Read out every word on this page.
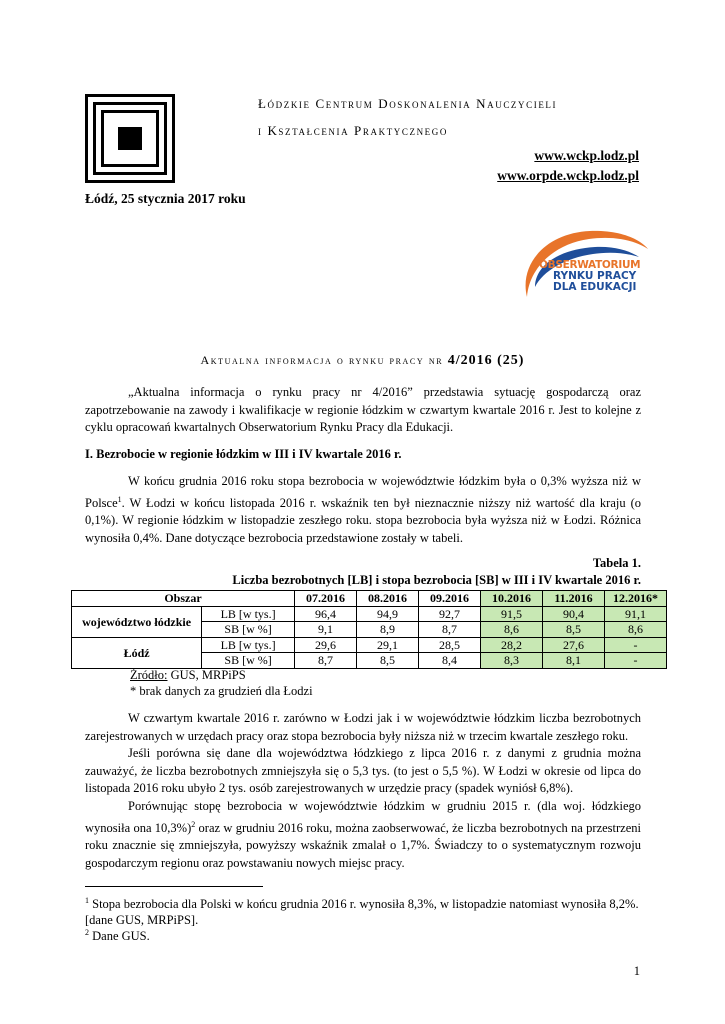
Łódzkie Centrum Doskonalenia Nauczycieli
i Kształcenia Praktycznego
www.wckp.lodz.pl
www.orpde.wckp.lodz.pl
Łódź, 25 stycznia 2017 roku
OBSERWATORIUM
RYNKU PRACY
DLA EDUKACJI
Aktualna informacja o rynku pracy nr 4/2016 (25)

„Aktualna informacja o rynku pracy nr 4/2016” przedstawia sytuację gospodarczą oraz zapotrzebowanie na zawody i kwalifikacje w regionie łódzkim w czwartym kwartale 2016 r. Jest to kolejne z cyklu opracowań kwartalnych Obserwatorium Rynku Pracy dla Edukacji.

I. Bezrobocie w regionie łódzkim w III i IV kwartale 2016 r.

W końcu grudnia 2016 roku stopa bezrobocia w województwie łódzkim była o 0,3% wyższa niż w Polsce$^1$. W Łodzi w końcu listopada 2016 r. wskaźnik ten był nieznacznie niższy niż wartość dla kraju (o 0,1%). W regionie łódzkim w listopadzie zeszłego roku. stopa bezrobocia była wyższa niż w Łodzi. Różnica wynosiła 0,4%. Dane dotyczące bezrobocia przedstawione zostały w tabeli.

Tabela 1.
Liczba bezrobotnych [LB] i stopa bezrobocia [SB] w III i IV kwartale 2016 r.
Obszar		07.2016	08.2016	09.2016	10.2016	11.2016	12.2016*
województwo łódzkie	LB [w tys.]	96,4	94,9	92,7	91,5	90,4	91,1
	SB [w %]	9,1	8,9	8,7	8,6	8,5	8,6
Łódź	LB [w tys.]	29,6	29,1	28,5	28,2	27,6	-
	SB [w %]	8,7	8,5	8,4	8,3	8,1	-
Źródło: GUS, MRPiPS
* brak danych za grudzień dla Łodzi

W czwartym kwartale 2016 r. zarówno w Łodzi jak i w województwie łódzkim liczba bezrobotnych zarejestrowanych w urzędach pracy oraz stopa bezrobocia były niższa niż w trzecim kwartale zeszłego roku.

Jeśli porówna się dane dla województwa łódzkiego z lipca 2016 r. z danymi z grudnia można zauważyć, że liczba bezrobotnych zmniejszyła się o 5,3 tys. (to jest o 5,5 %). W Łodzi w okresie od lipca do listopada 2016 roku ubyło 2 tys. osób zarejestrowanych w urzędzie pracy (spadek wyniósł 6,8%).

Porównując stopę bezrobocia w województwie łódzkim w grudniu 2015 r. (dla woj. łódzkiego wynosiła ona 10,3%)$^2$ oraz w grudniu 2016 roku, można zaobserwować, że liczba bezrobotnych na przestrzeni roku znacznie się zmniejszyła, powyższy wskaźnik zmalał o 1,7%. Świadczy to o systematycznym rozwoju gospodarczym regionu oraz powstawaniu nowych miejsc pracy.

$^1$ Stopa bezrobocia dla Polski w końcu grudnia 2016 r. wynosiła 8,3%, w listopadzie natomiast wynosiła 8,2%. [dane GUS, MRPiPS].
$^2$ Dane GUS.
1
